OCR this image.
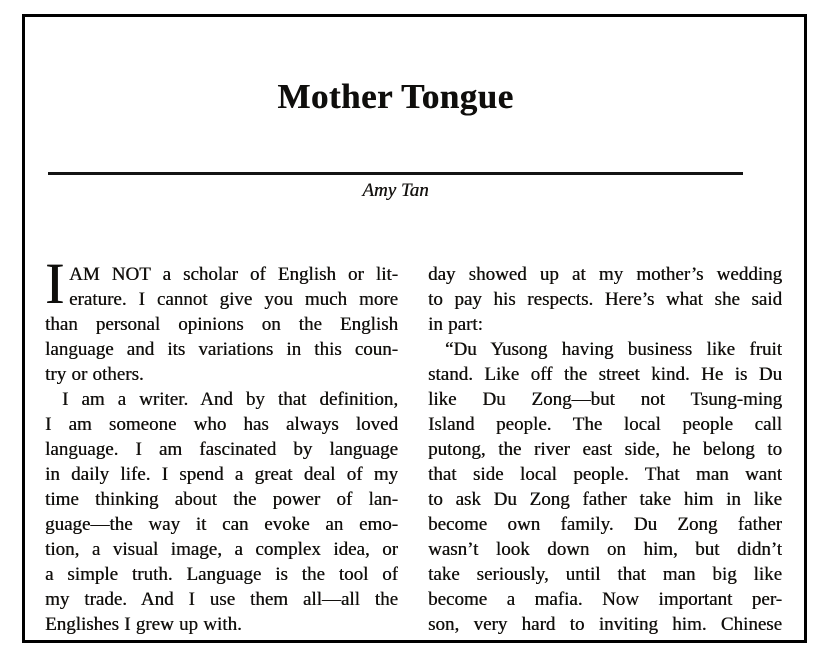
Mother Tongue
Amy Tan
I AM NOT a scholar of English or lit-
erature. I cannot give you much more
than personal opinions on the English
language and its variations in this coun-
try or others.
I am a writer. And by that definition,
I am someone who has always loved
language. I am fascinated by language
in daily life. I spend a great deal of my
time thinking about the power of lan-
guage—the way it can evoke an emo-
tion, a visual image, a complex idea, or
a simple truth. Language is the tool of
my trade. And I use them all—all the
Englishes I grew up with.
day showed up at my mother’s wedding
to pay his respects. Here’s what she said
in part:
“Du Yusong having business like fruit
stand. Like off the street kind. He is Du
like Du Zong—but not Tsung-ming
Island people. The local people call
putong, the river east side, he belong to
that side local people. That man want
to ask Du Zong father take him in like
become own family. Du Zong father
wasn’t look down on him, but didn’t
take seriously, until that man big like
become a mafia. Now important per-
son, very hard to inviting him. Chinese
